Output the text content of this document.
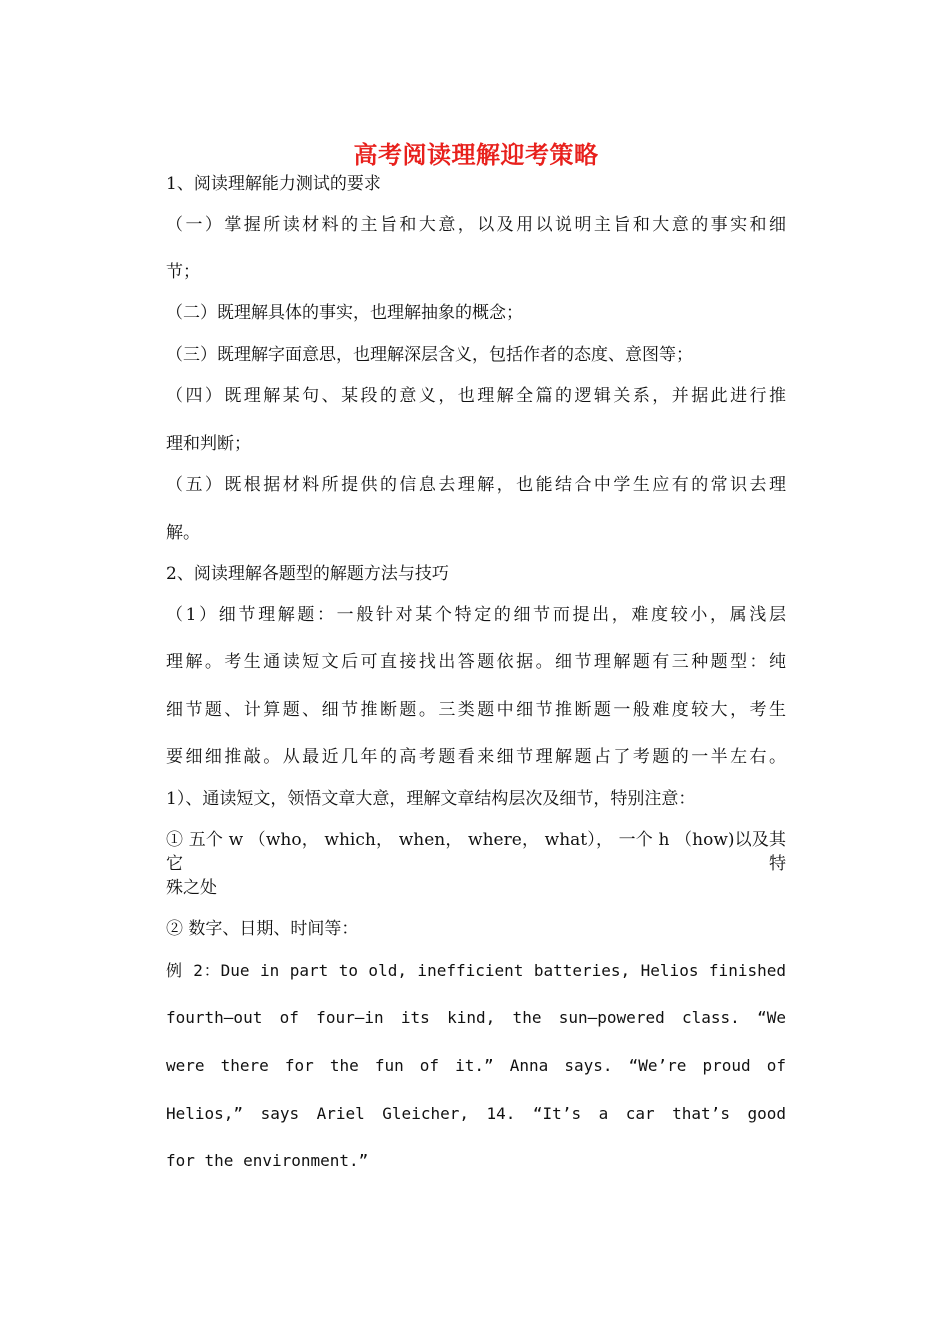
高考阅读理解迎考策略

1、阅读理解能力测试的要求

（一）掌握所读材料的主旨和大意，以及用以说明主旨和大意的事实和细

节；

（二）既理解具体的事实，也理解抽象的概念；

（三）既理解字面意思，也理解深层含义，包括作者的态度、意图等；

（四）既理解某句、某段的意义，也理解全篇的逻辑关系，并据此进行推

理和判断；

（五）既根据材料所提供的信息去理解，也能结合中学生应有的常识去理

解。

2、阅读理解各题型的解题方法与技巧

（1）细节理解题：一般针对某个特定的细节而提出，难度较小，属浅层

理解。考生通读短文后可直接找出答题依据。细节理解题有三种题型：纯

细节题、计算题、细节推断题。三类题中细节推断题一般难度较大，考生

要细细推敲。从最近几年的高考题看来细节理解题占了考题的一半左右。

1）、通读短文，领悟文章大意，理解文章结构层次及细节，特别注意：

① 五个 w （who， which， when， where， what）， 一个 h （how)以及其它特

殊之处

② 数字、日期、时间等：

例 2：Due in part to old, inefficient batteries, Helios finished

fourth—out of four—in its kind, the sun—powered class. “We

were there for the fun of it.” Anna says. “We’re proud of

Helios,” says Ariel Gleicher, 14. “It’s a car that’s good

for the environment.”
